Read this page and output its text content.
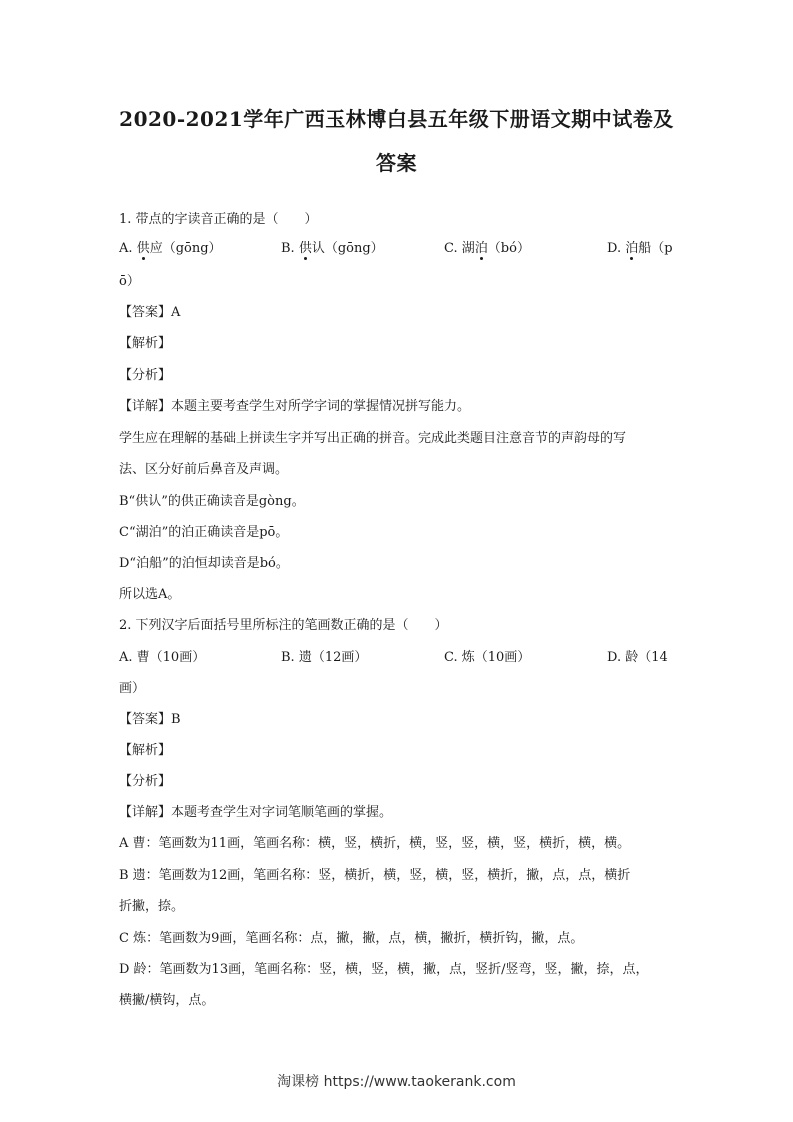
2020-2021学年广西玉林博白县五年级下册语文期中试卷及
答案
1. 带点的字读音正确的是（　　）
A. 供应（gōng）	B. 供认（gōng）	C. 湖泊（bó）	D. 泊船（p
ō）
【答案】A
【解析】
【分析】
【详解】本题主要考查学生对所学字词的掌握情况拼写能力。
学生应在理解的基础上拼读生字并写出正确的拼音。完成此类题目注意音节的声韵母的写
法、区分好前后鼻音及声调。
B“供认”的供正确读音是gòng。
C“湖泊”的泊正确读音是pō。
D“泊船”的泊恒却读音是bó。
所以选A。
2. 下列汉字后面括号里所标注的笔画数正确的是（　　）
A. 曹（10画）	B. 遗（12画）	C. 炼（10画）	D. 龄（14
画）
【答案】B
【解析】
【分析】
【详解】本题考查学生对字词笔顺笔画的掌握。
A 曹：笔画数为11画，笔画名称：横，竖，横折，横，竖，竖，横，竖，横折，横，横。
B 遗：笔画数为12画，笔画名称：竖，横折，横，竖，横，竖，横折，撇，点，点，横折
折撇，捺。
C 炼：笔画数为9画，笔画名称：点，撇，撇，点，横，撇折，横折钩，撇，点。
D 龄：笔画数为13画，笔画名称：竖，横，竖，横，撇，点，竖折/竖弯，竖，撇，捺，点，
横撇/横钩，点。
淘课榜 https://www.taokerank.com
